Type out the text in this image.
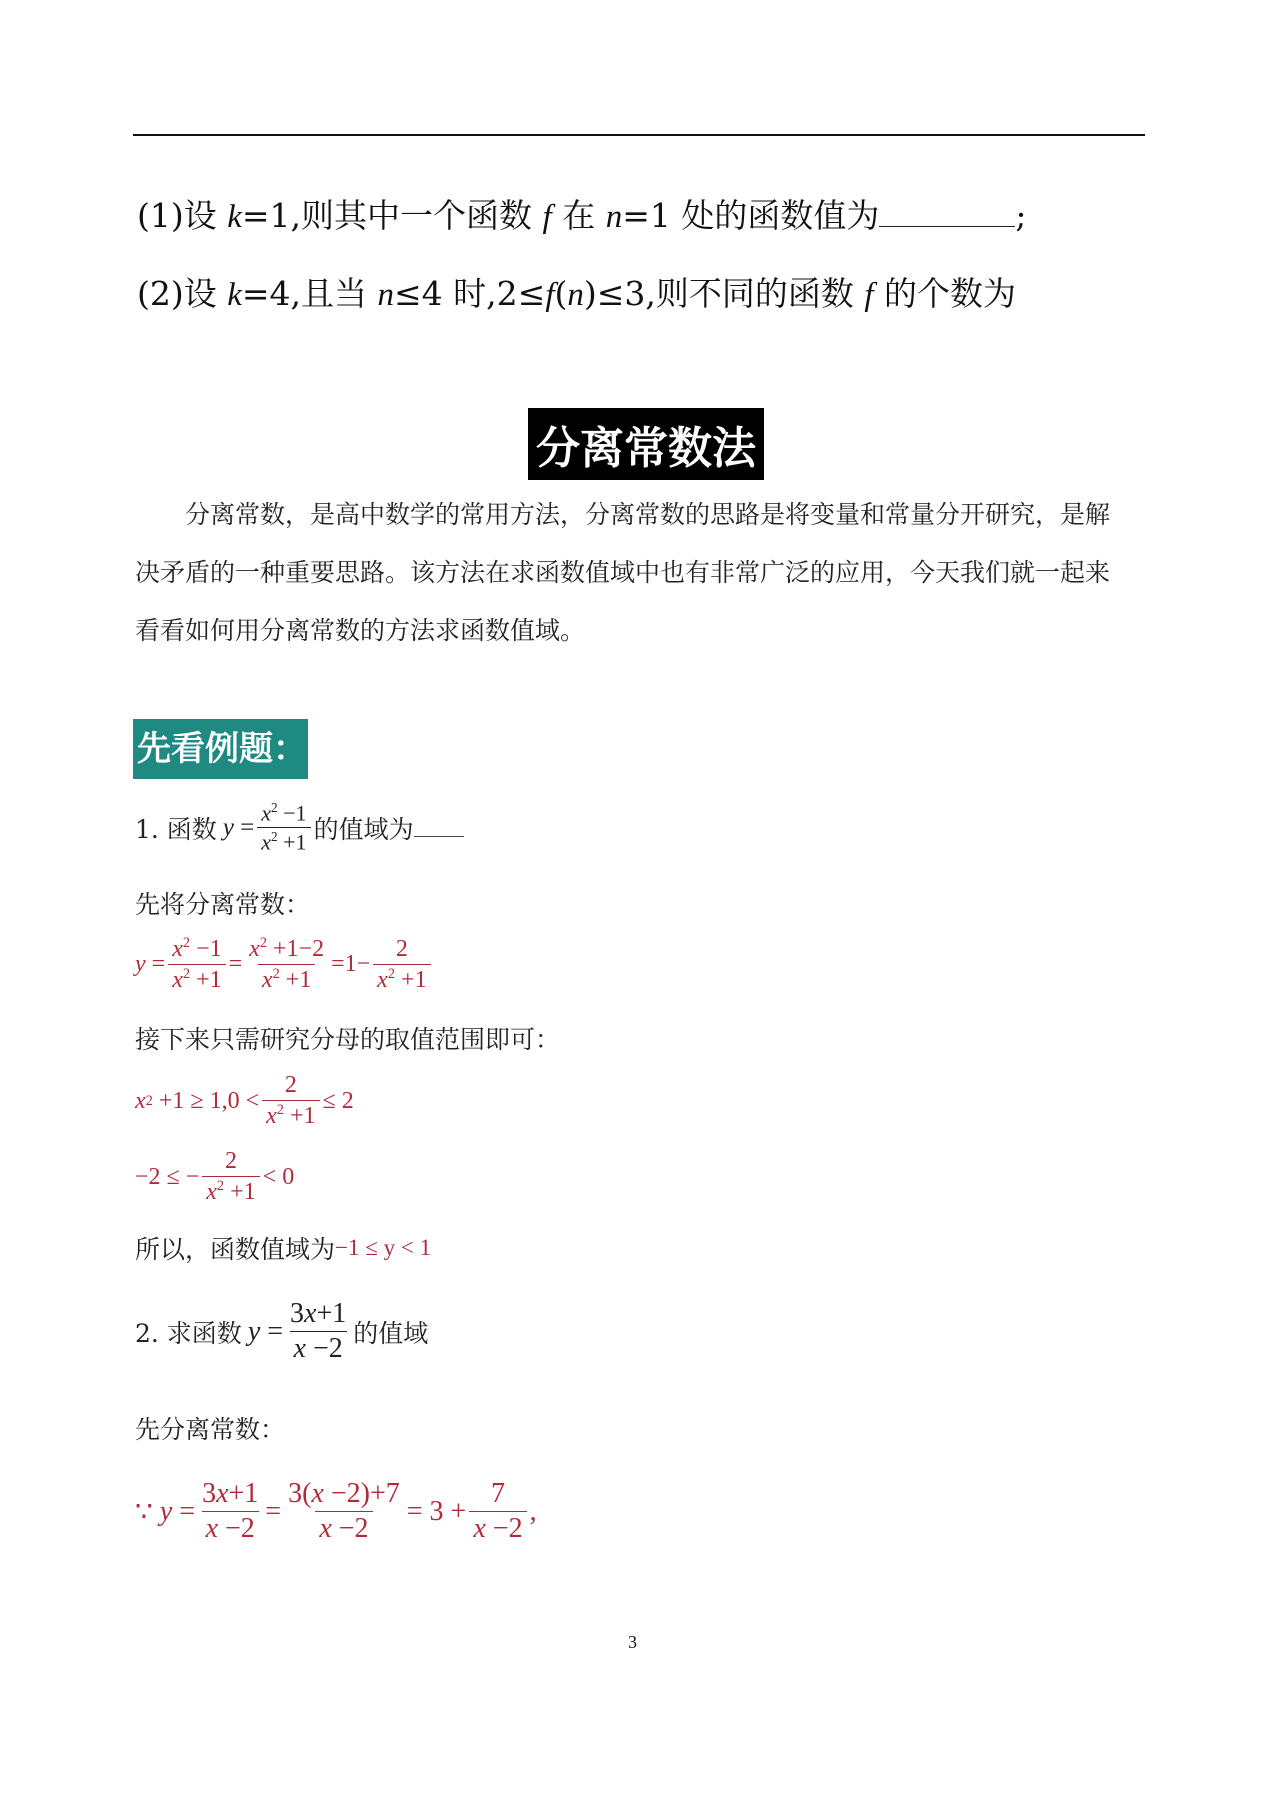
(1)设 k=1,则其中一个函数 f 在 n=1 处的函数值为	;
(2)设 k=4,且当 n≤4 时,2≤f(n)≤3,则不同的函数 f 的个数为
分离常数法

分离常数，是高中数学的常用方法，分离常数的思路是将变量和常量分开研究，是解

决矛盾的一种重要思路。该方法在求函数值域中也有非常广泛的应用，今天我们就一起来

看看如何用分离常数的方法求函数值域。

先看例题：
1. 函数 $y = \frac{x^2 -1}{x^2 +1}$ 的值域为
先将分离常数：
$y = \frac{x^2 -1}{x^2 +1} = \frac{x^2 +1-2}{x^2 +1} =1- \frac{2}{x^2 +1}$
接下来只需研究分母的取值范围即可：
x $2 +1 \ge 1,0 < \frac{2}{x^2 +1} \le 2$
−2 ≤ − $\frac{2}{x^2 +1} < 0$
所以，函数值域为 −1 ≤ y < 1
2. 求函数 $y = \frac{3x+1}{x -2}$ 的值域
先分离常数：
∵ $y = \frac{3x+1}{x -2} = \frac{3(x -2)+7}{x -2} = 3 + \frac{7}{x -2}$ ,
3
